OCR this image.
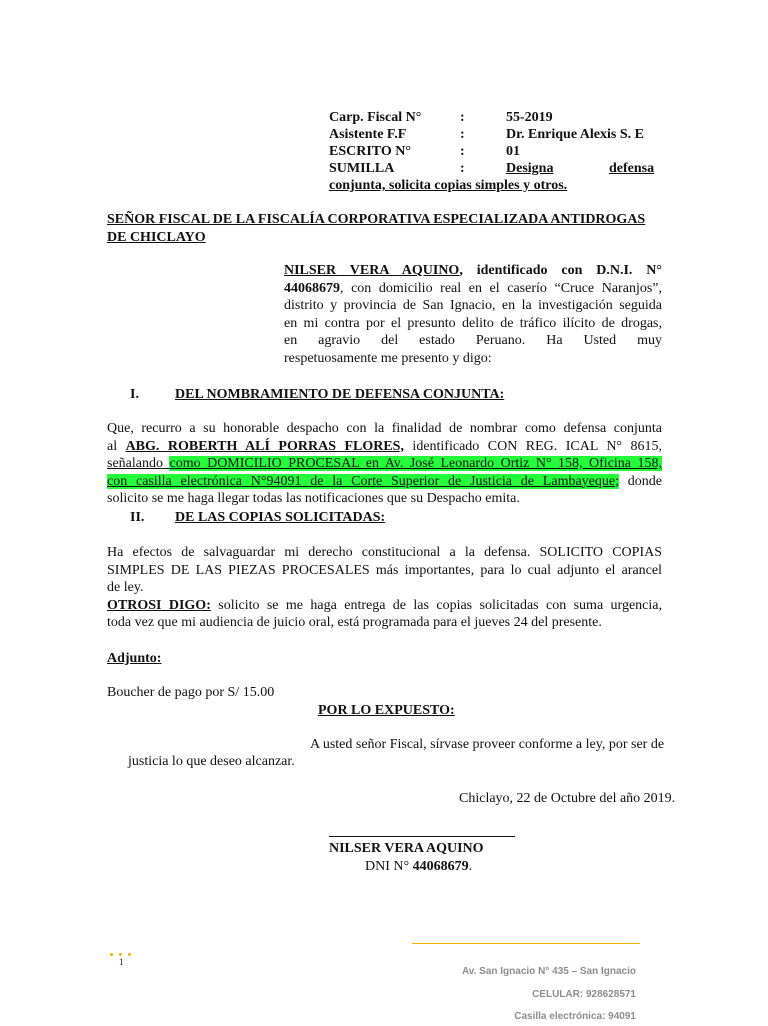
Carp. Fiscal N°	:	55-2019
Asistente F.F	:	Dr. Enrique Alexis S. E
ESCRITO N°	:	01
SUMILLA	:	Designa	defensa
conjunta, solicita copias simples y otros.
SEÑOR FISCAL DE LA FISCALÍA CORPORATIVA ESPECIALIZADA ANTIDROGAS
DE CHICLAYO
NILSER VERA AQUINO, identificado con D.N.I. N°
44068679, con domicilio real en el caserío “Cruce Naranjos”,
distrito y provincia de San Ignacio, en la investigación seguida
en mi contra por el presunto delito de tráfico ilícito de drogas,
en agravio del estado Peruano. Ha Usted muy
respetuosamente me presento y digo:
I.	DEL NOMBRAMIENTO DE DEFENSA CONJUNTA:
Que, recurro a su honorable despacho con la finalidad de nombrar como defensa conjunta
al ABG. ROBERTH ALÍ PORRAS FLORES, identificado CON REG. ICAL N° 8615,
señalando como DOMICILIO PROCESAL en Av. José Leonardo Ortiz N° 158, Oficina 158,
con casilla electrónica N°94091 de la Corte Superior de Justicia de Lambayeque; donde
solicito se me haga llegar todas las notificaciones que su Despacho emita.
II. DE LAS COPIAS SOLICITADAS:
Ha efectos de salvaguardar mi derecho constitucional a la defensa. SOLICITO COPIAS
SIMPLES DE LAS PIEZAS PROCESALES más importantes, para lo cual adjunto el arancel
de ley.
OTROSI DIGO: solicito se me haga entrega de las copias solicitadas con suma urgencia,
toda vez que mi audiencia de juicio oral, está programada para el jueves 24 del presente.
Adjunto:
Boucher de pago por S/ 15.00
POR LO EXPUESTO:
A usted señor Fiscal, sírvase proveer conforme a ley, por ser de
justicia lo que deseo alcanzar.
Chiclayo, 22 de Octubre del año 2019.
NILSER VERA AQUINO
DNI N° 44068679.
1
Av. San Ignacio N° 435 – San Ignacio
CELULAR: 928628571
Casilla electrónica: 94091
